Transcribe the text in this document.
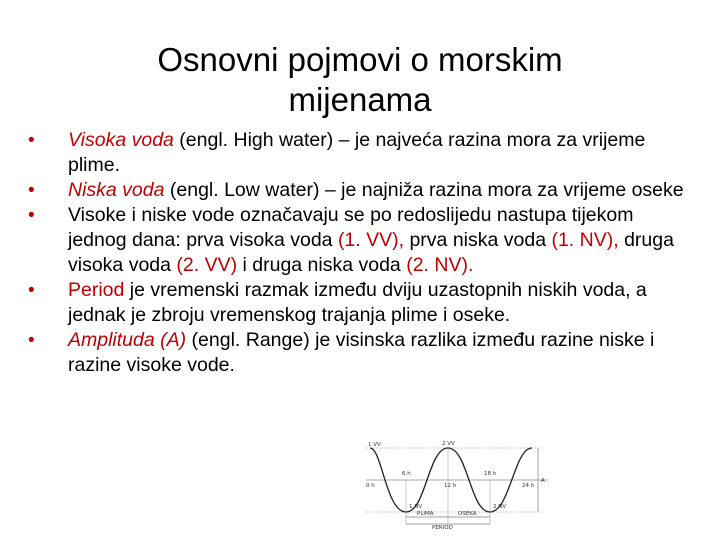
Osnovni pojmovi o morskim
mijenama
•	Visoka voda (engl. High water) – je najveća razina mora za vrijeme plime.
•	Niska voda (engl. Low water) – je najniža razina mora za vrijeme oseke
•	Visoke i niske vode označavaju se po redoslijedu nastupa tijekom jednog dana: prva visoka voda (1. VV), prva niska voda (1. NV), druga visoka voda (2. VV) i druga niska voda (2. NV).
•	Period je vremenski razmak između dviju uzastopnih niskih voda, a jednak je zbroju vremenskog trajanja plime i oseke.
•	Amplituda (A) (engl. Range) je visinska razlika između razine niske i razine visoke vode.
1 VV	2 VV
1 NV	2 NV
0 h
6 h
12 h
18 h
24 h
PLIMA	OSEKA
PERIOD
A
